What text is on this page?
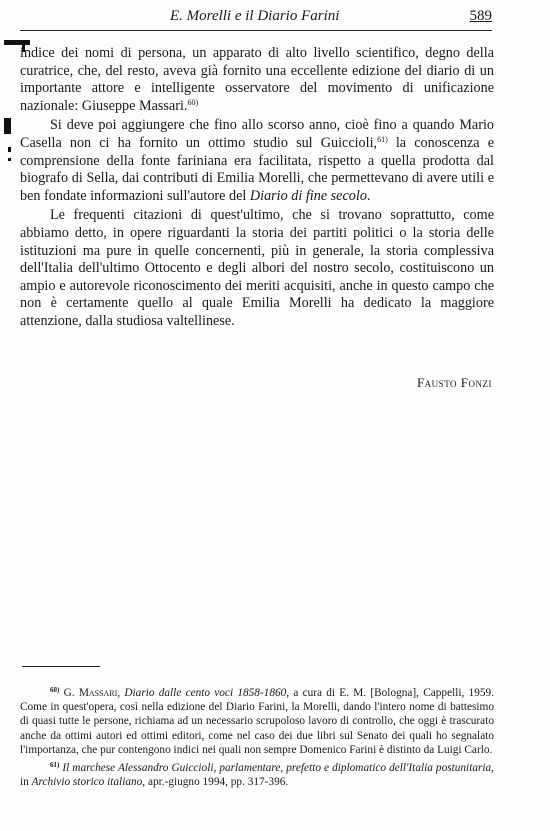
E. Morelli e il Diario Farini	589

indice dei nomi di persona, un apparato di alto livello scientifico, degno della curatrice, che, del resto, aveva già fornito una eccellente edizione del diario di un importante attore e intelligente osservatore del movimento di unificazione nazionale: Giuseppe Massari.$^{60)}$

Si deve poi aggiungere che fino allo scorso anno, cioè fino a quando Mario Casella non ci ha fornito un ottimo studio sul Guiccioli,$^{61)}$ la conoscenza e comprensione della fonte fariniana era facilitata, rispetto a quella prodotta dal biografo di Sella, dai contributi di Emilia Morelli, che permettevano di avere utili e ben fondate informazioni sull'autore del Diario di fine secolo.

Le frequenti citazioni di quest'ultimo, che si trovano soprattutto, come abbiamo detto, in opere riguardanti la storia dei partiti politici o la storia delle istituzioni ma pure in quelle concernenti, più in generale, la storia complessiva dell'Italia dell'ultimo Ottocento e degli albori del nostro secolo, costituiscono un ampio e autorevole riconoscimento dei meriti acquisiti, anche in questo campo che non è certamente quello al quale Emilia Morelli ha dedicato la maggiore attenzione, dalla studiosa valtellinese.

Fausto Fonzi

$^{60)}$ G. Massari, Diario dalle cento voci 1858-1860, a cura di E. M. [Bologna], Cappelli, 1959. Come in quest'opera, così nella edizione del Diario Farini, la Morelli, dando l'intero nome di battesimo di quasi tutte le persone, richiama ad un necessario scrupoloso lavoro di controllo, che oggi è trascurato anche da ottimi autori ed ottimi editori, come nel caso dei due libri sul Senato dei quali ho segnalato l'importanza, che pur contengono indici nei quali non sempre Domenico Farini è distinto da Luigi Carlo.

$^{61)}$ Il marchese Alessandro Guiccioli, parlamentare, prefetto e diplomatico dell'Italia postunitaria, in Archivio storico italiano, apr.-giugno 1994, pp. 317-396.
